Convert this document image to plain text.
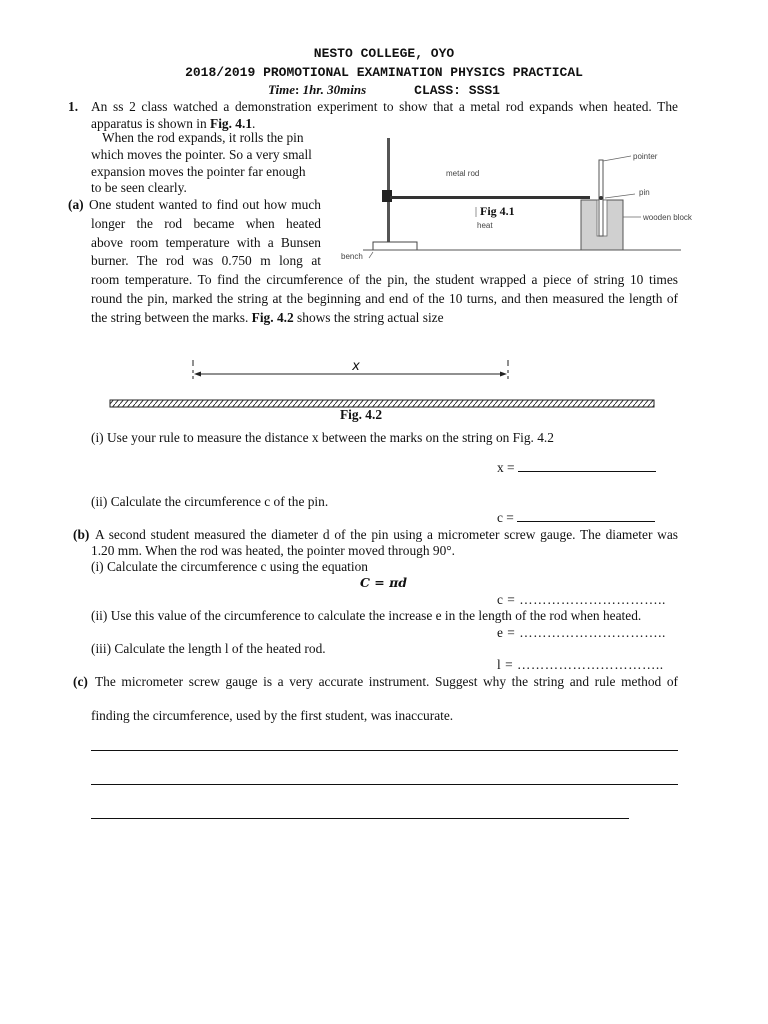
NESTO COLLEGE, OYO
2018/2019 PROMOTIONAL EXAMINATION PHYSICS PRACTICAL
Time: 1hr. 30mins	CLASS: SSS1
1. An ss 2 class watched a demonstration experiment to show that a metal rod expands when heated. The
apparatus is shown in Fig. 4.1.
When the rod expands, it rolls the pin
which moves the pointer. So a very small
expansion moves the pointer far enough
to be seen clearly.
(a) One student wanted to find out how much
longer the rod became when heated
above room temperature with a Bunsen
burner. The rod was 0.750 m long at
room temperature. To find the circumference of the pin, the student wrapped a piece of string 10 times
round the pin, marked the string at the beginning and end of the 10 turns, and then measured the length of
the string between the marks. Fig. 4.2 shows the string actual size
pointer
metal rod
pin
wooden block
heat
bench
Fig 4.1
x
Fig. 4.2
(i) Use your rule to measure the distance x between the marks on the string on Fig. 4.2
x =
(ii) Calculate the circumference c of the pin.
c =
(b) A second student measured the diameter d of the pin using a micrometer screw gauge. The diameter was
1.20 mm. When the rod was heated, the pointer moved through 90°.
(i) Calculate the circumference c using the equation
C = πd
c = …………………………..
(ii) Use this value of the circumference to calculate the increase e in the length of the rod when heated.
e = …………………………..
(iii) Calculate the length l of the heated rod.
l = …………………………..
(c) The micrometer screw gauge is a very accurate instrument. Suggest why the string and rule method of
finding the circumference, used by the first student, was inaccurate.
